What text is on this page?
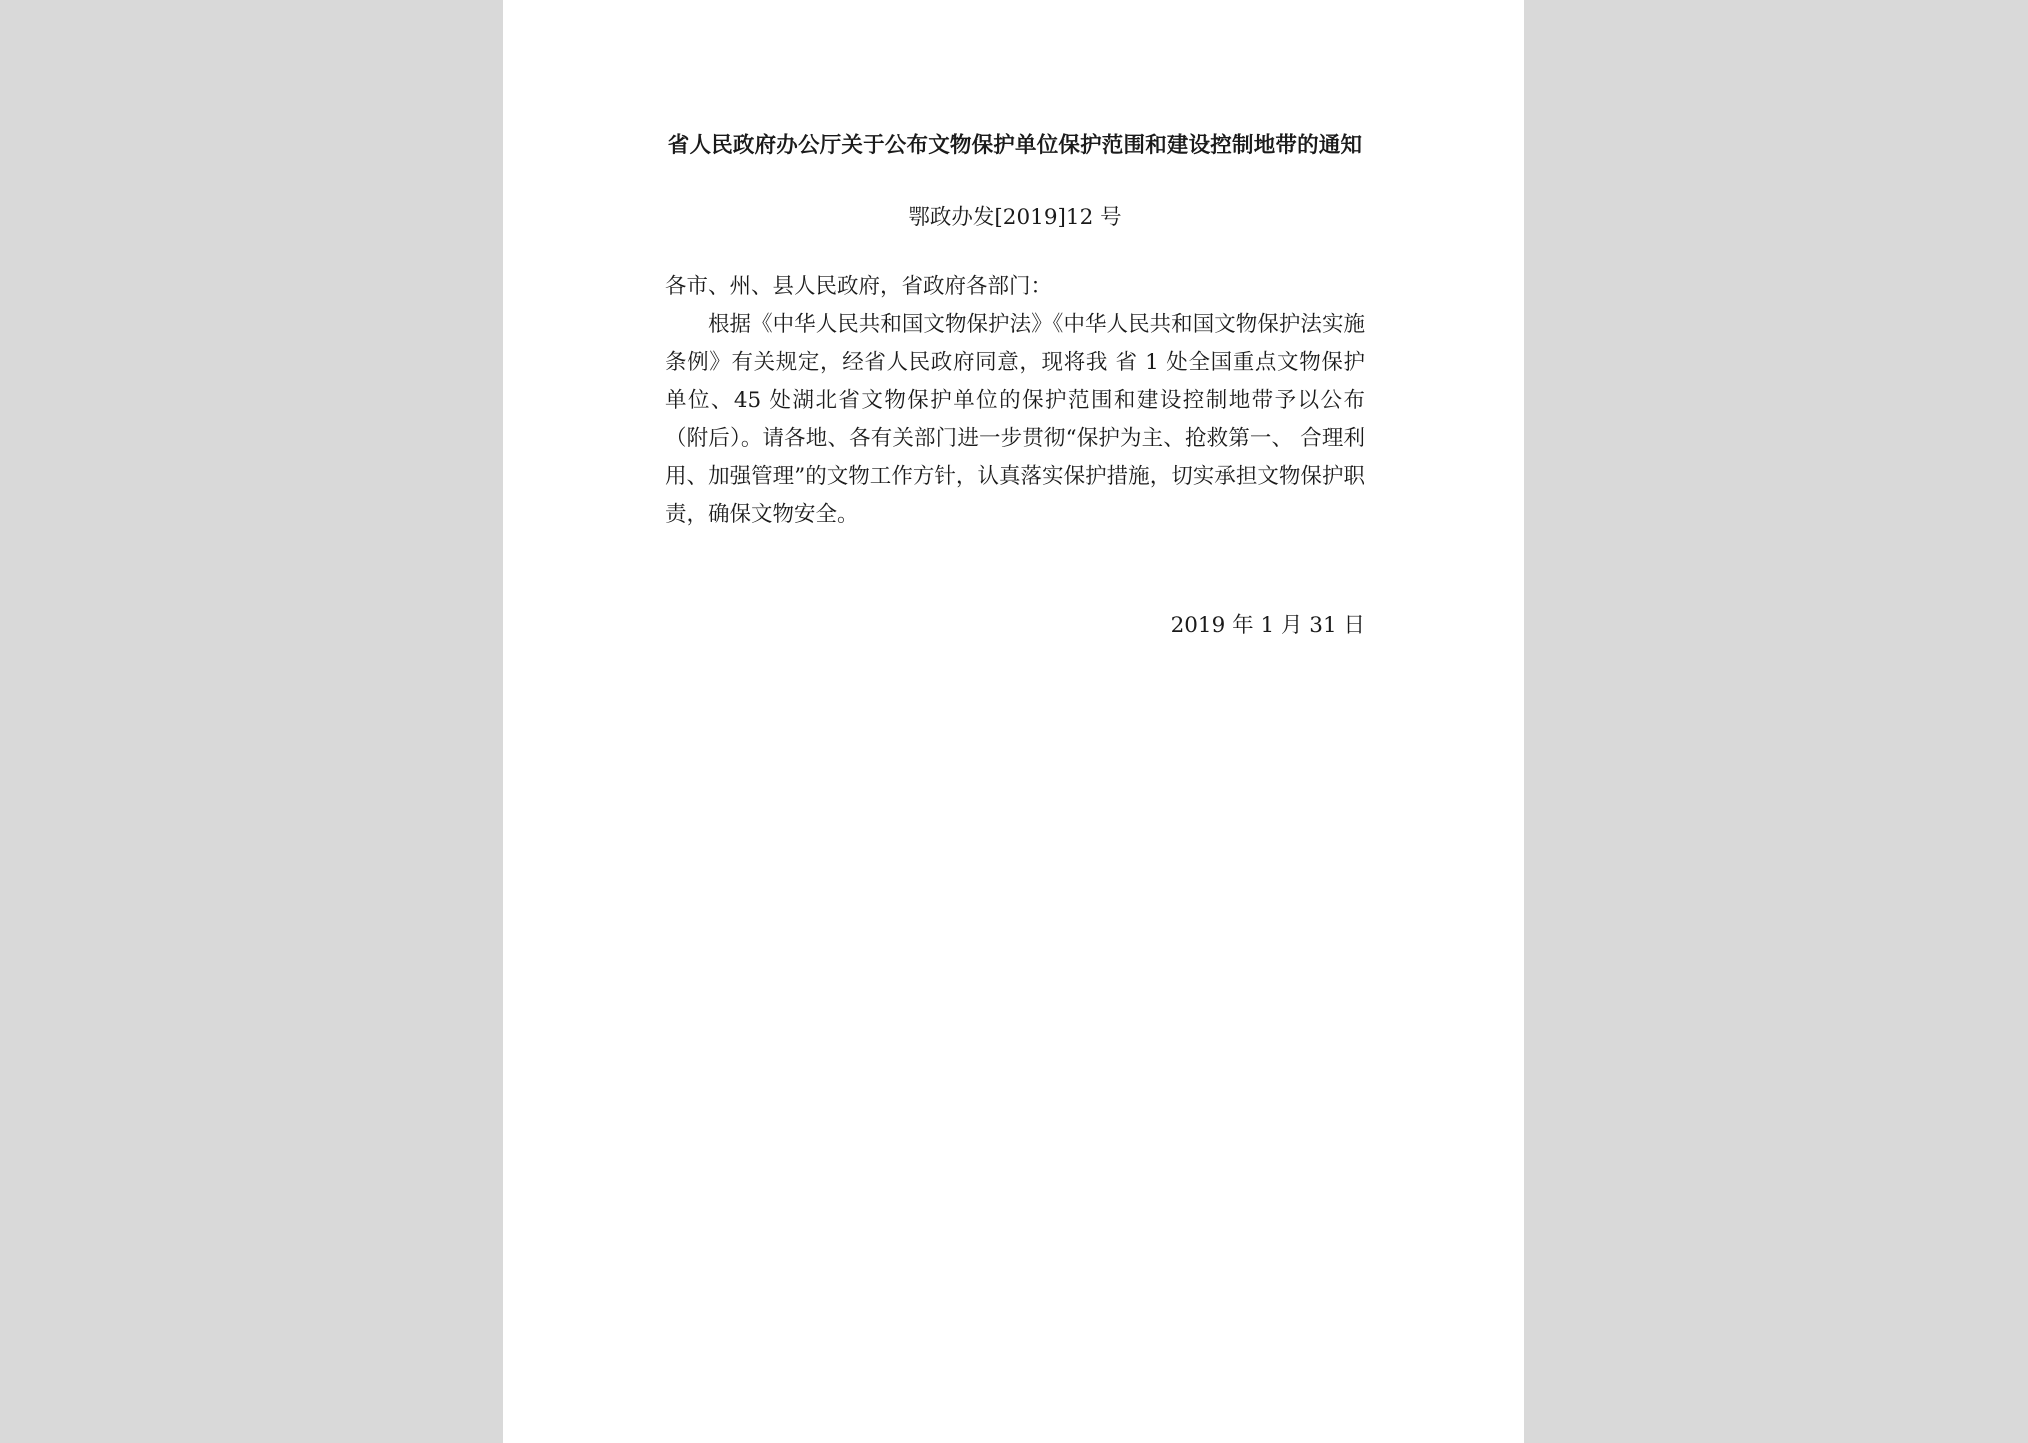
省人民政府办公厅关于公布文物保护单位保护范围和建设控制地带的通知

鄂政办发[2019]12 号

各市、州、县人民政府，省政府各部门：

根据《中华人民共和国文物保护法》《中华人民共和国文物保护法实施条例》有关规定，经省人民政府同意，现将我 省 1 处全国重点文物保护单位、45 处湖北省文物保护单位的保护范围和建设控制地带予以公布（附后）。请各地、各有关部门进一步贯彻“保护为主、抢救第一、 合理利用、加强管理”的文物工作方针，认真落实保护措施，切实承担文物保护职责，确保文物安全。

2019 年 1 月 31 日
